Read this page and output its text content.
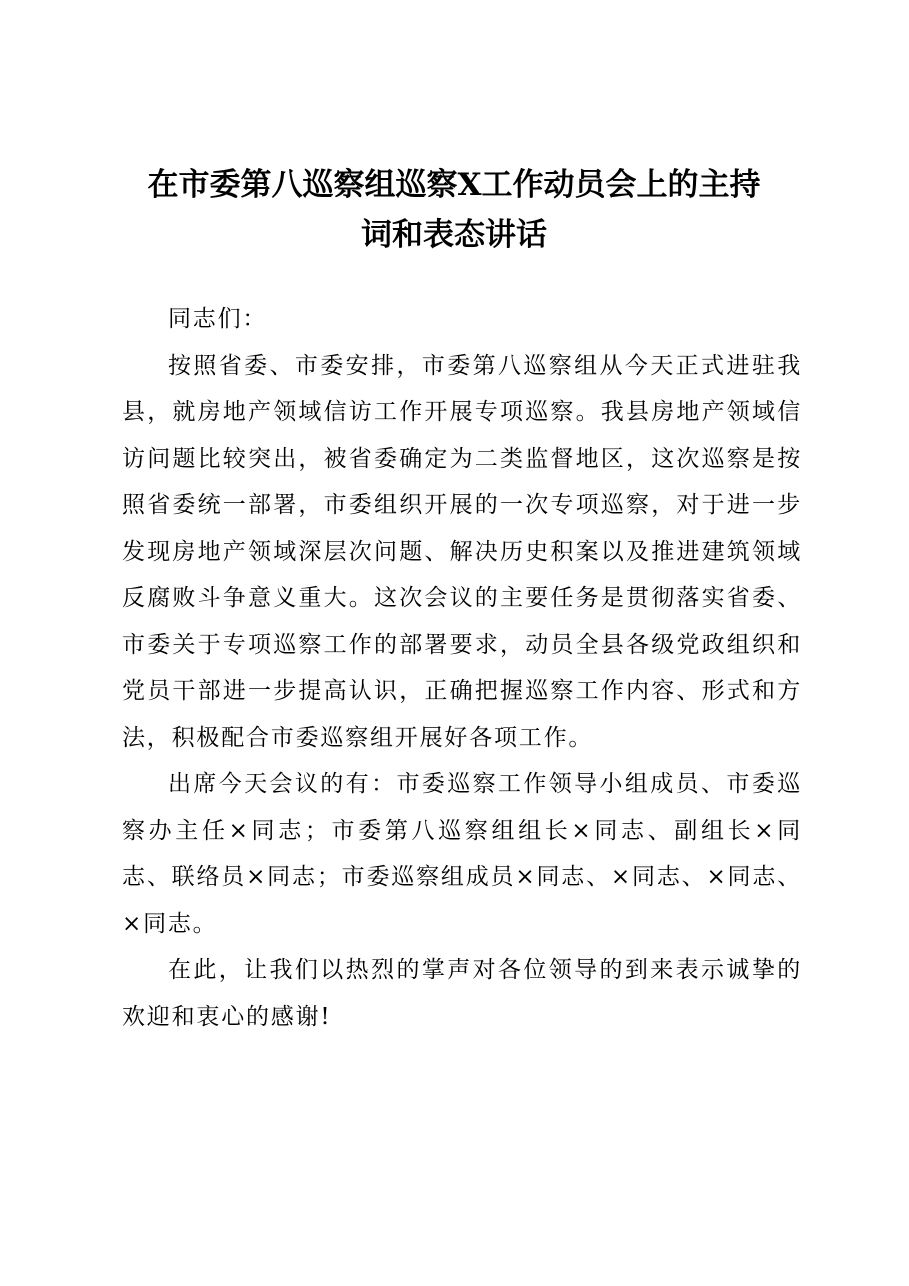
在市委第八巡察组巡察X工作动员会上的主持
词和表态讲话

同志们：

按照省委、市委安排，市委第八巡察组从今天正式进驻我县，就房地产领域信访工作开展专项巡察。我县房地产领域信访问题比较突出，被省委确定为二类监督地区，这次巡察是按照省委统一部署，市委组织开展的一次专项巡察，对于进一步发现房地产领域深层次问题、解决历史积案以及推进建筑领域反腐败斗争意义重大。这次会议的主要任务是贯彻落实省委、市委关于专项巡察工作的部署要求，动员全县各级党政组织和党员干部进一步提高认识，正确把握巡察工作内容、形式和方法，积极配合市委巡察组开展好各项工作。

出席今天会议的有：市委巡察工作领导小组成员、市委巡察办主任×同志；市委第八巡察组组长×同志、副组长×同志、联络员×同志；市委巡察组成员×同志、×同志、×同志、×同志。

在此，让我们以热烈的掌声对各位领导的到来表示诚挚的欢迎和衷心的感谢!
